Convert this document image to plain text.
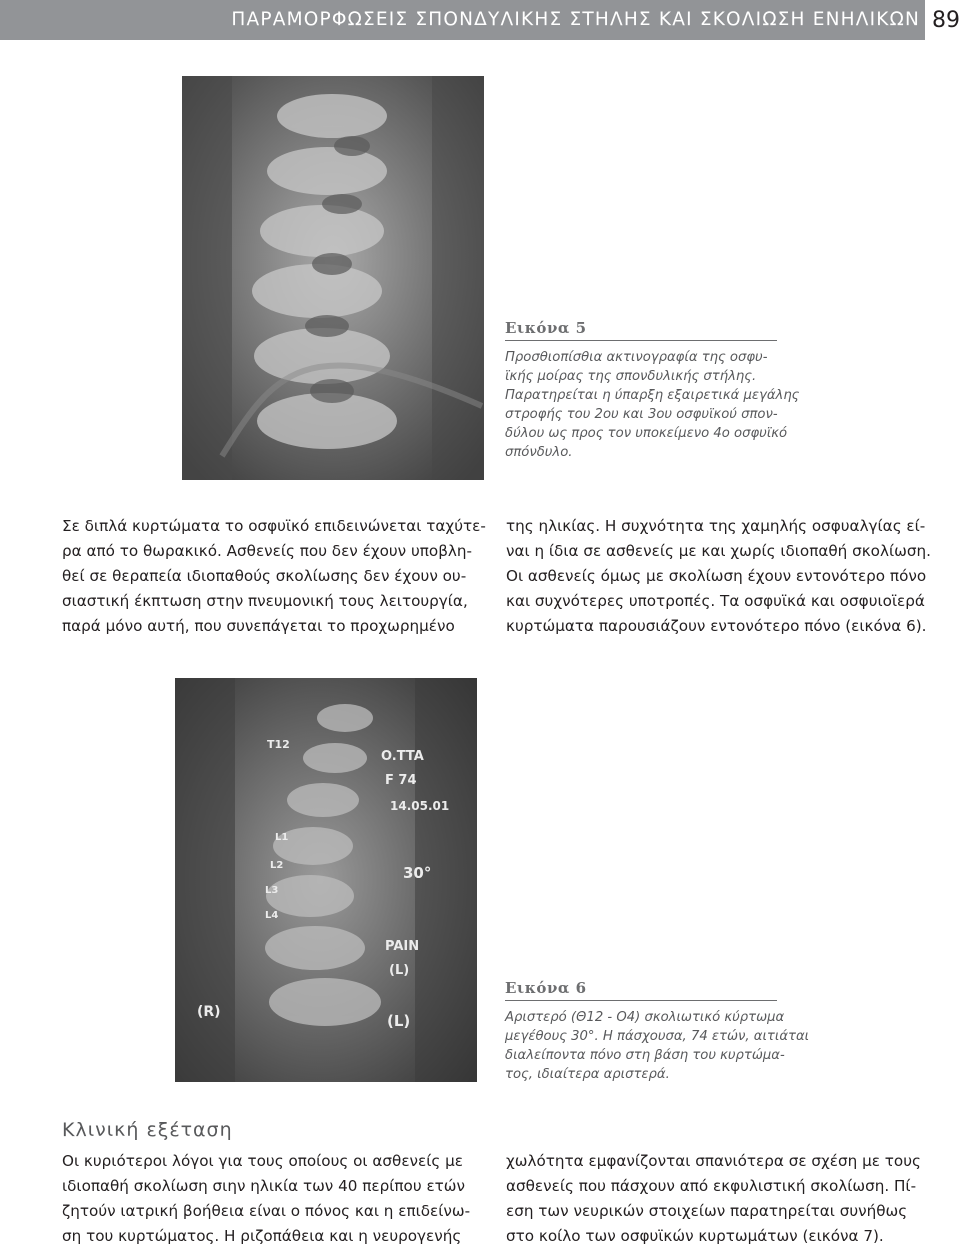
ΠΑΡΑΜΟΡΦΩΣΕΙΣ ΣΠΟΝΔΥΛΙΚΗΣ ΣΤΗΛΗΣ ΚΑΙ ΣΚΟΛΙΩΣΗ ΕΝΗΛΙΚΩΝ 89
Εικόνα 5
Προσθιοπίσθια ακτινογραφία της οσφυ-
ϊκής μοίρας της σπονδυλικής στήλης.
Παρατηρείται η ύπαρξη εξαιρετικά μεγάλης
στροφής του 2ου και 3ου οσφυϊκού σπον-
δύλου ως προς τον υποκείμενο 4ο οσφυϊκό
σπόνδυλο.
Σε διπλά κυρτώματα το οσφυϊκό επιδεινώνεται ταχύτε-
ρα από το θωρακικό. Ασθενείς που δεν έχουν υποβλη-
θεί σε θεραπεία ιδιοπαθούς σκολίωσης δεν έχουν ου-
σιαστική έκπτωση στην πνευμονική τους λειτουργία,
παρά μόνο αυτή, που συνεπάγεται το προχωρημένο
της ηλικίας. Η συχνότητα της χαμηλής οσφυαλγίας εί-
ναι η ίδια σε ασθενείς με και χωρίς ιδιοπαθή σκολίωση.
Οι ασθενείς όμως με σκολίωση έχουν εντονότερο πόνο
και συχνότερες υποτροπές. Τα οσφυϊκά και οσφυιοϊερά
κυρτώματα παρουσιάζουν εντονότερο πόνο (εικόνα 6).
T12
O.TTA
F 74
14.05.01
L1
L2
L3
L4
30°
PAIN
(L)
(R)	(L)
Εικόνα 6
Αριστερό (Θ12 - Ο4) σκολιωτικό κύρτωμα
μεγέθους 30°. Η πάσχουσα, 74 ετών, αιτιάται
διαλείποντα πόνο στη βάση του κυρτώμα-
τος, ιδιαίτερα αριστερά.
Κλινική εξέταση
Οι κυριότεροι λόγοι για τους οποίους οι ασθενείς με
ιδιοπαθή σκολίωση σιην ηλικία των 40 περίπου ετών
ζητούν ιατρική βοήθεια είναι ο πόνος και η επιδείνω-
ση του κυρτώματος. Η ριζοπάθεια και η νευρογενής
χωλότητα εμφανίζονται σπανιότερα σε σχέση με τους
ασθενείς που πάσχουν από εκφυλιστική σκολίωση. Πί-
εση των νευρικών στοιχείων παρατηρείται συνήθως
στο κοίλο των οσφυϊκών κυρτωμάτων (εικόνα 7).
